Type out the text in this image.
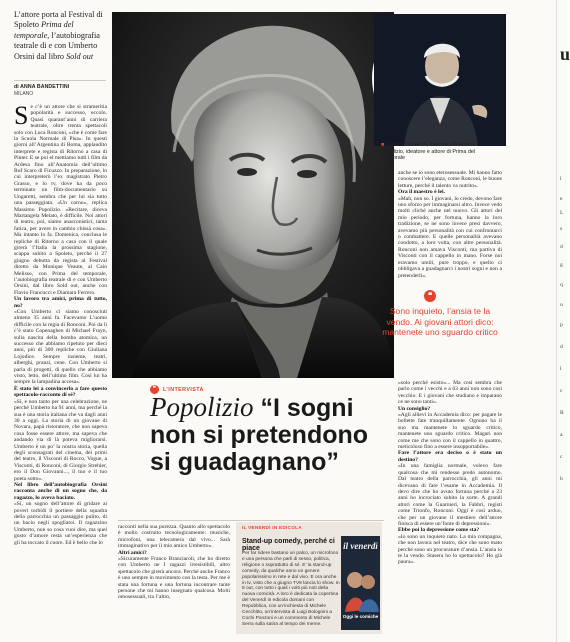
L’attore porta al Festival di Spoleto Prima del temporale, l’autobiografia teatrale di e con Umberto Orsini dal libro Sold out
di ANNA BANDETTINI
MILANO

Se c’è un attore che si strameritia popolarità e successo, eccolo. Quasi quarant’anni di carriera teatrale, oltre trenta spettacoli solo con Luca Ronconi, «che è come fare la Scuola Normale di Pisa». In questi giorni all’Argentina di Roma, applaudito interprete e regista di Ritorno a casa di Pinter. E se poi el mettiamo tutti i film da Ardesa fino all’Anatomia dell’ultimo Ruf Scaro di Ficuzzo. In preparazione, lo cui interpreterò l’ex magistrato Pietro Grasso, e lo tv, dove ha da poco terminato un film-documentario su Ungaretti, sembra che per lui sia tutto una passeggiata. «Un corno», replica Massimo Popolizio. «Recitare, diceva Martangela Melato, è difficile. Noi attori di teatro, poi, siamo anacronistici, tanta fatica, per avere in cambio chissà cosa». Ma intanto lo fa. Domenica, conclusa le repliche di Ritorno a casa con il quale girerà l’Italia la prossima stagione, scappa subito a Spoleto, perché il 27 giugno debutta da regista al Festival diretto da Monique Veaute, al Caio Melisso, con Prima del temporale, l’autobiografia teatrale di e con Umberto Orsini, dal libro Sold out, anche con Flavio Francucci e Diamara Ferrero.

Un lavoro tra amici, prima di tutto, no?

«Con Umberto ci siamo conosciuti almeno 35 anni fa. Facevamo L’uomo difficile con la regia di Ronconi. Poi da lì c’è stato Copenaghen di Michael Frayn, sulla nascita della bomba atomica, un successo che abbiamo ripetuto per dieci anni, più di 300 repliche con Giuliana Lojodice. Sempre insieme, teatri, alberghi, pranzi, cene. Con Umberto si parla di progetti, di quello che abbiamo visto, letto, dell’ultimo film. Così lui ha sempre la lampadina accesa».

È stato lei a convincerlo a fare questo spettacolo-racconto di sé?

«Sì, e non tanto per una celebrazione, ne perché Umberto ha 91 anni, ma perché la sua è una storia italiana che va dagli anni 30 a oggi. La storia di un giovane di Novara, papà ristoratore, che non sapeva cosa fosse essere attore, ma sapeva che andando via di là poteva migliorarsi. Umberto è un po’ la nostra storia, quella degli sconsagrati del cinema, dei primi del teatro, il Visconti di Rocco, Vogue, a Visconti, di Ronconi, di Giorgio Strehler, ero il Don Giovanni..., il tuo e il tuo poeta sotto».

Nel libro dell’autobiografia Orsini racconta anche di un sogno che, da ragazzo, lo aveva baciato.

«Si, un sogno dell’attore di gridare ai poveri torbidi il portiere della squadra della parrocchia un passaggio pulito, di un bacio negli spogliatoi. Il ragazzino Umberto, non so cosa vuoi dire, ma quel gusto d’amore resta un’esperienza che gli ha toccato il cuore. Ed è bello che lo

■ Umberto Orsini 4, insieme a Massimo Popolizio, ideatore e attore di Prima del temporale

anche se io sono eterosessuale. Mi hanno fatto conoscere l’eleganza, come Ronconi, le buone letture, perché il talento va nutrito».

Ora il maestro è lei.

«Mah, non so. I giovani, lo credo, devono fare uno sforzo per immaginarsi altro. Invece vedo molti cliché anche nel nuovo. Gli attori del mio periodo, per fortuna, hanno la loro tradizione, se ne sono invece presi davvero, avevamo più personalità con cui confrontarci o combattere. E quelle personalità avevano condotto, a loro volta, con altre personalità. Ronconi non amava Visconti, ma partiva di Visconti con il cappello in mano. Forse noi eravamo umili, pure troppo, e quello ci obbligava a guadagnarci i nostri sogni e non a pretenderli».

❝
Sono inquieto, l’ansia te la vendo. Ai giovani attori dico: mantenete uno sguardo critico

«solo perché esisto»... Ma così sembra che parlo come i vecchi e a 63 anni non sono così vecchio. E i giovani che studiano e imparano ce ne sono tanti».

Un consiglio?

«Agli allievi in Accademia dico: per pagare le bollette fate tranquillamente. Ognuno ha il suo ma mantenete lo sguardo critico, mantenete uno sguardo critico. Magari non come me che sono con il cappello in quattro, meticoloso fino a essere insopportabile».

Fare l’attore era deciso o è stato un destino?

«In una famiglia normale, volevo fare qualcosa che mi rendesse predo autonomo. Dal teatro della parrocchia, gli anni mi dicevano di fare l’esame in Accademia. Il devo dire che ho avuto fortuna perché a 23 anni ho incrociato subito la sorte. A grandi attori come la Guarnieri, la Fabbri, registi come Trionfo, Ronconi. Oggi è così arduo, che per un giovane il mestiere dell’attore finisca di essere un’fonte di depressioni».

Ebbe poi la depressione come sta?

«Io sono un inquieto nato. La mia compagna, che non lavora nel teatro, dice che sono mato perché sono un procurature d’ansia. L’ansia io te la vendo. Stasera ho lo spettacolo? Ho già paura».

❝	L’INTERVISTA
Popolizio “I sogni non si pretendono si guadagnano”

racconti nella sua purezza. Quanto allo spettacolo è molto costruito tecnologicamente: musiche, microfoni, una telecamera dal vivo... Sarà immaginativo per il mio amico Umberto».

Altri amici?

«Sicuramente Franco Branciaroli, che ho diretto con Umberto ne I ragazzi irresistibili, altro spettacolo che girerà ancora. Perché anche Franco è uno sempre in movimento con la testa. Per me è stata una fortuna e una fortuna incontrare tante persone che mi hanno insegnato qualcosa. Molti omosessuali, tra l’altro,

IL VENERDÌ IN EDICOLA
Stand-up comedy, perché ci piace
Per far ridere bastano un palco, un microfono e una persona che parli di sesso, politica, religione o soprattutto di sé. E’ la stand-up comedy, da qualche anno un genere popolarissimo in rete e dal vivo. E ora anche in tv, visto che a giugno TV8 lancia lo show. In 8 out, con tutto i quali i volti più noti della nuova comicità. A loro è dedicata la copertina del Venerdì in edicola domani con Repubblica, con un’inchiesta di Michele Cecchitto, un’intervista di Luigi Bolognini a Cochi Ponzoni e un commento di Michele Serra sulla satira al tempo dei meme.
il venerdì
Oggi le comiche
u
l
e
L
s
d
g
q
u
p
d
l
c
R
a
c
b
